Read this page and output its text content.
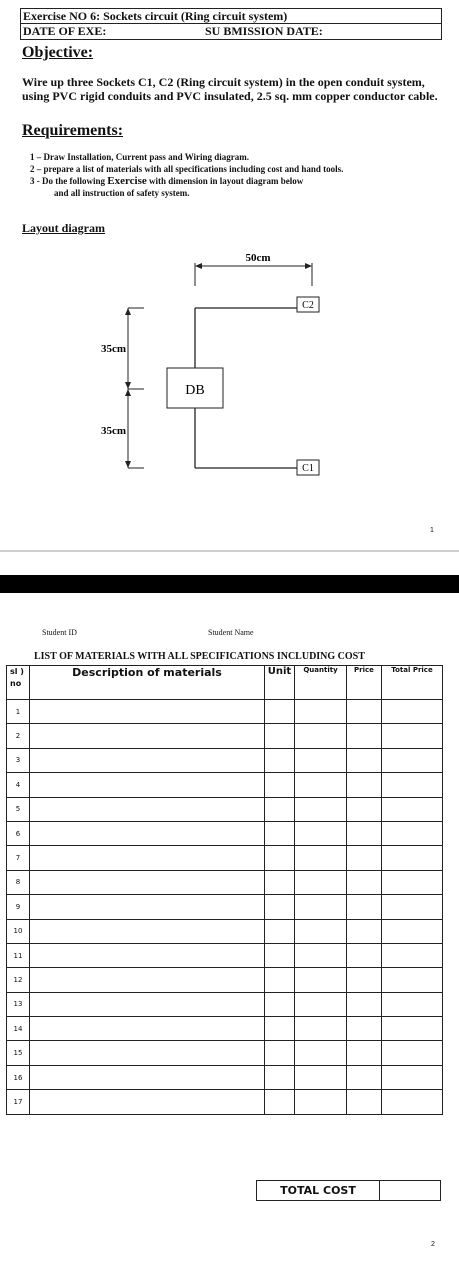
Exercise NO 6: Sockets circuit (Ring circuit system)
DATE OF EXE:	SU BMISSION DATE:
Objective:
Wire up three Sockets C1, C2 (Ring circuit system) in the open conduit system, using PVC rigid conduits and PVC insulated, 2.5 sq. mm copper conductor cable.
Requirements:
1 – Draw Installation, Current pass and Wiring diagram.
2 – prepare a list of materials with all specifications including cost and hand tools.
3 - Do the following Exercise with dimension in layout diagram below
and all instruction of safety system.
Layout diagram
50cm
35cm
35cm
DB
C2
C1
1
Student ID	Student Name
LIST OF MATERIALS WITH ALL SPECIFICATIONS INCLUDING COST
sl )
no	Description of materials	Unit	Quantity	Price	Total Price
1					
2					
3					
4					
5					
6					
7					
8					
9					
10					
11					
12					
13					
14					
15					
16					
17					
TOTAL COST
2
